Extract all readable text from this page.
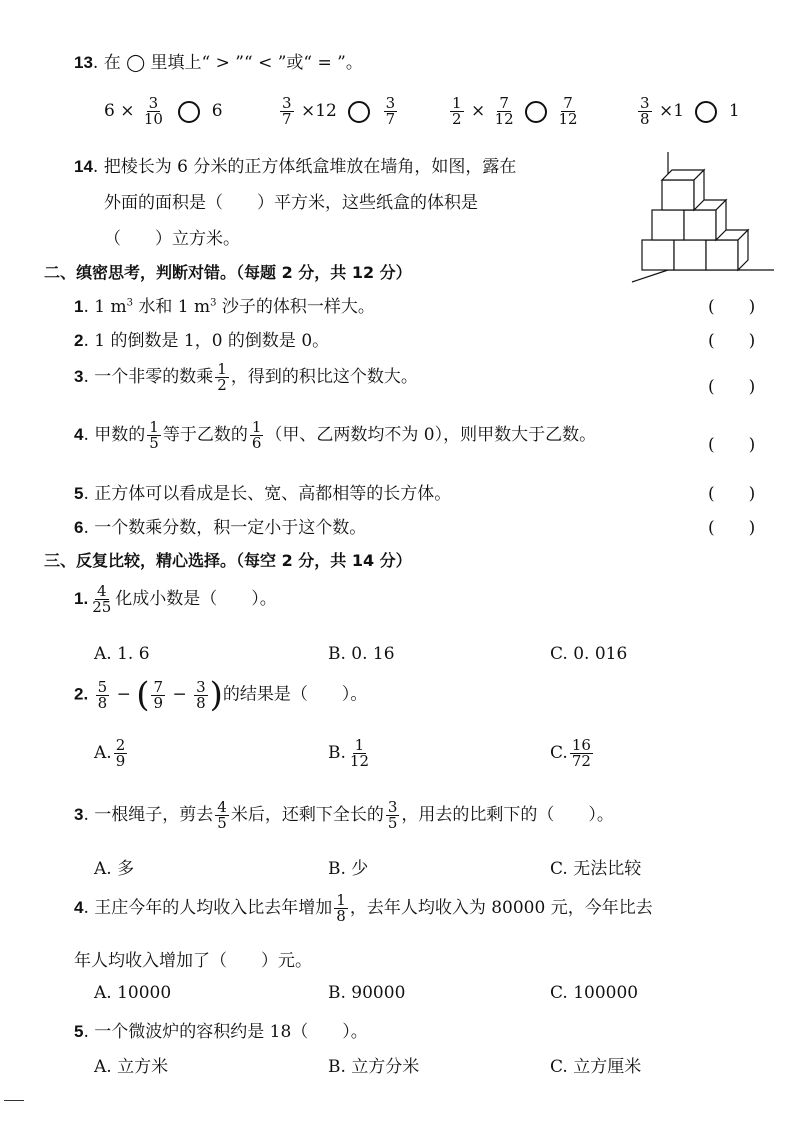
13. 在 ◯ 里填上“ > ”“ < ”或“ = ”。
$6 \times \frac{3}{10}$	6	$\frac{3}{7} \times 12$	$\frac{3}{7}$	$\frac{1}{2} \times \frac{7}{12}$
	$\frac{7}{12}$	$\frac{3}{8} \times 1$	1
14. 把棱长为 6 分米的正方体纸盒堆放在墙角，如图，露在
外面的面积是（　　）平方米，这些纸盒的体积是
（　　）立方米。
二、缜密思考，判断对错。（每题 2 分，共 12 分）
1. 1 $m^3$ 水和 1 $m^3$ 沙子的体积一样大。	(　　)
2. 1 的倒数是 1，0 的倒数是 0。	(　　)
3. 一个非零的数乘 $\frac{1}{2}$ ，得到的积比这个数大。	(　　)
4. 甲数的 $\frac{1}{5}$ 等于乙数的 $\frac{1}{6}$ （甲、乙两数均不为 0），则甲数大于乙数。	(　　)
5. 正方体可以看成是长、宽、高都相等的长方体。	(　　)
6. 一个数乘分数，积一定小于这个数。	(　　)
三、反复比较，精心选择。（每空 2 分，共 14 分）
1. $\frac{4}{25}$ 化成小数是（　　）。
A. 1. 6	B. 0. 16	C. 0. 016
2. $\frac{5}{8}$ − ( $\frac{7}{9} - \frac{3}{8}$ )的结果是（　　）。
A. $\frac{2}{9}$	B. $\frac{1}{12}$	C. $\frac{16}{72}$
3. 一根绳子，剪去 $\frac{4}{5}$ 米后，还剩下全长的 $\frac{3}{5}$ ，用去的比剩下的（　　）。
A. 多	B. 少	C. 无法比较
4. 王庄今年的人均收入比去年增加 $\frac{1}{8}$ ，去年人均收入为 80000 元，今年比去
年人均收入增加了（　　）元。
A. 10000	B. 90000	C. 100000
5. 一个微波炉的容积约是 18（　　）。
A. 立方米	B. 立方分米	C. 立方厘米
